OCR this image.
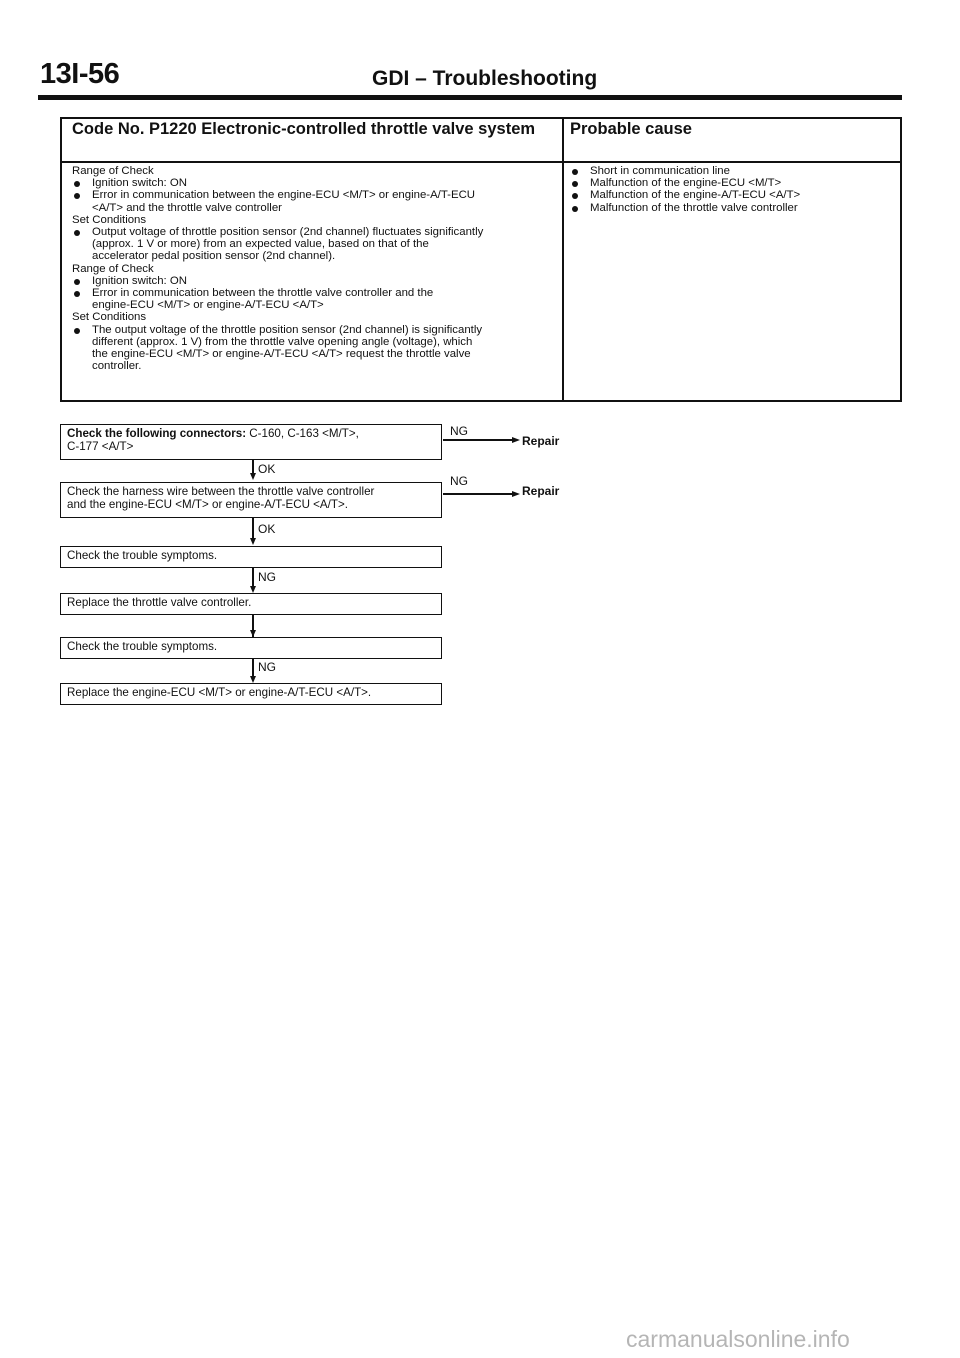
13I-56	GDI – Troubleshooting
Code No. P1220 Electronic-controlled throttle valve system	Probable cause
Range of Check
Ignition switch: ON
Error in communication between the engine-ECU <M/T> or engine-A/T-ECU
<A/T> and the throttle valve controller
Set Conditions
Output voltage of throttle position sensor (2nd channel) fluctuates significantly
(approx. 1 V or more) from an expected value, based on that of the
accelerator pedal position sensor (2nd channel).
Range of Check
Ignition switch: ON
Error in communication between the throttle valve controller and the
engine-ECU <M/T> or engine-A/T-ECU <A/T>
Set Conditions
The output voltage of the throttle position sensor (2nd channel) is significantly
different (approx. 1 V) from the throttle valve opening angle (voltage), which
the engine-ECU <M/T> or engine-A/T-ECU <A/T> request the throttle valve
controller.
Short in communication line
Malfunction of the engine-ECU <M/T>
Malfunction of the engine-A/T-ECU <A/T>
Malfunction of the throttle valve controller
Check the following connectors: C-160, C-163 <M/T>,
C-177 <A/T>
NG
Repair
OK
Check the harness wire between the throttle valve controller
and the engine-ECU <M/T> or engine-A/T-ECU <A/T>.
NG
Repair
OK
Check the trouble symptoms.
NG
Replace the throttle valve controller.
Check the trouble symptoms.
NG
Replace the engine-ECU <M/T> or engine-A/T-ECU <A/T>.
carmanualsonline.info
